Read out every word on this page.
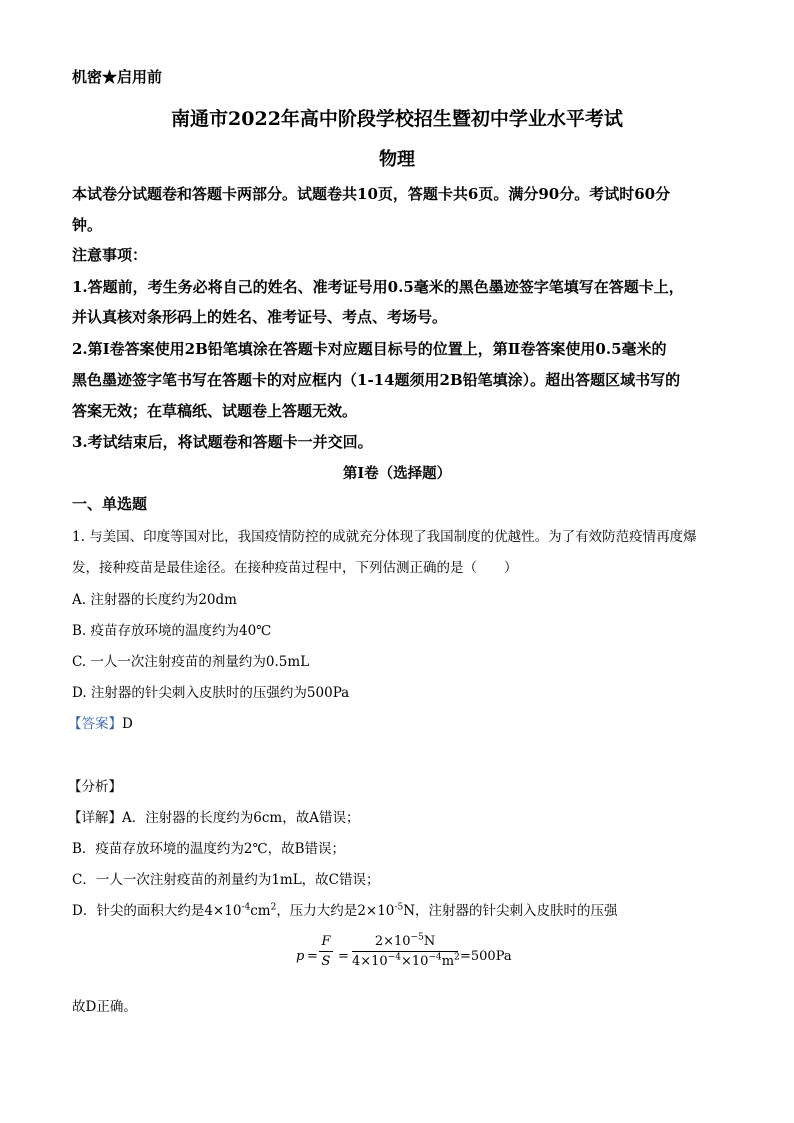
机密★启用前
南通市2022年高中阶段学校招生暨初中学业水平考试
物理
本试卷分试题卷和答题卡两部分。试题卷共10页，答题卡共6页。满分90分。考试时60分
钟。
注意事项：
1.答题前，考生务必将自己的姓名、准考证号用0.5毫米的黑色墨迹签字笔填写在答题卡上，
并认真核对条形码上的姓名、准考证号、考点、考场号。
2.第Ⅰ卷答案使用2B铅笔填涂在答题卡对应题目标号的位置上，第Ⅱ卷答案使用0.5毫米的
黑色墨迹签字笔书写在答题卡的对应框内（1-14题须用2B铅笔填涂）。超出答题区域书写的
答案无效；在草稿纸、试题卷上答题无效。
3.考试结束后，将试题卷和答题卡一并交回。
第Ⅰ卷（选择题）
一、单选题
1. 与美国、印度等国对比，我国疫情防控的成就充分体现了我国制度的优越性。为了有效防范疫情再度爆
发，接种疫苗是最佳途径。在接种疫苗过程中，下列估测正确的是（　　）
A. 注射器的长度约为20dm
B. 疫苗存放环境的温度约为40℃
C. 一人一次注射疫苗的剂量约为0.5mL
D. 注射器的针尖刺入皮肤时的压强约为500Pa
【答案】D
【分析】
【详解】A．注射器的长度约为6cm，故A错误；
B．疫苗存放环境的温度约为2℃，故B错误；
C．一人一次注射疫苗的剂量约为1mL，故C错误；
D．针尖的面积大约是$4\times 10^{-4}cm^2$，压力大约是$2\times 10^{-5}N$，注射器的针尖刺入皮肤时的压强
p =
F
S =
$2\times 10^{-5}N$
$4\times 10^{-4}\times 10^{-4}m^2 =500Pa$
故D正确。
